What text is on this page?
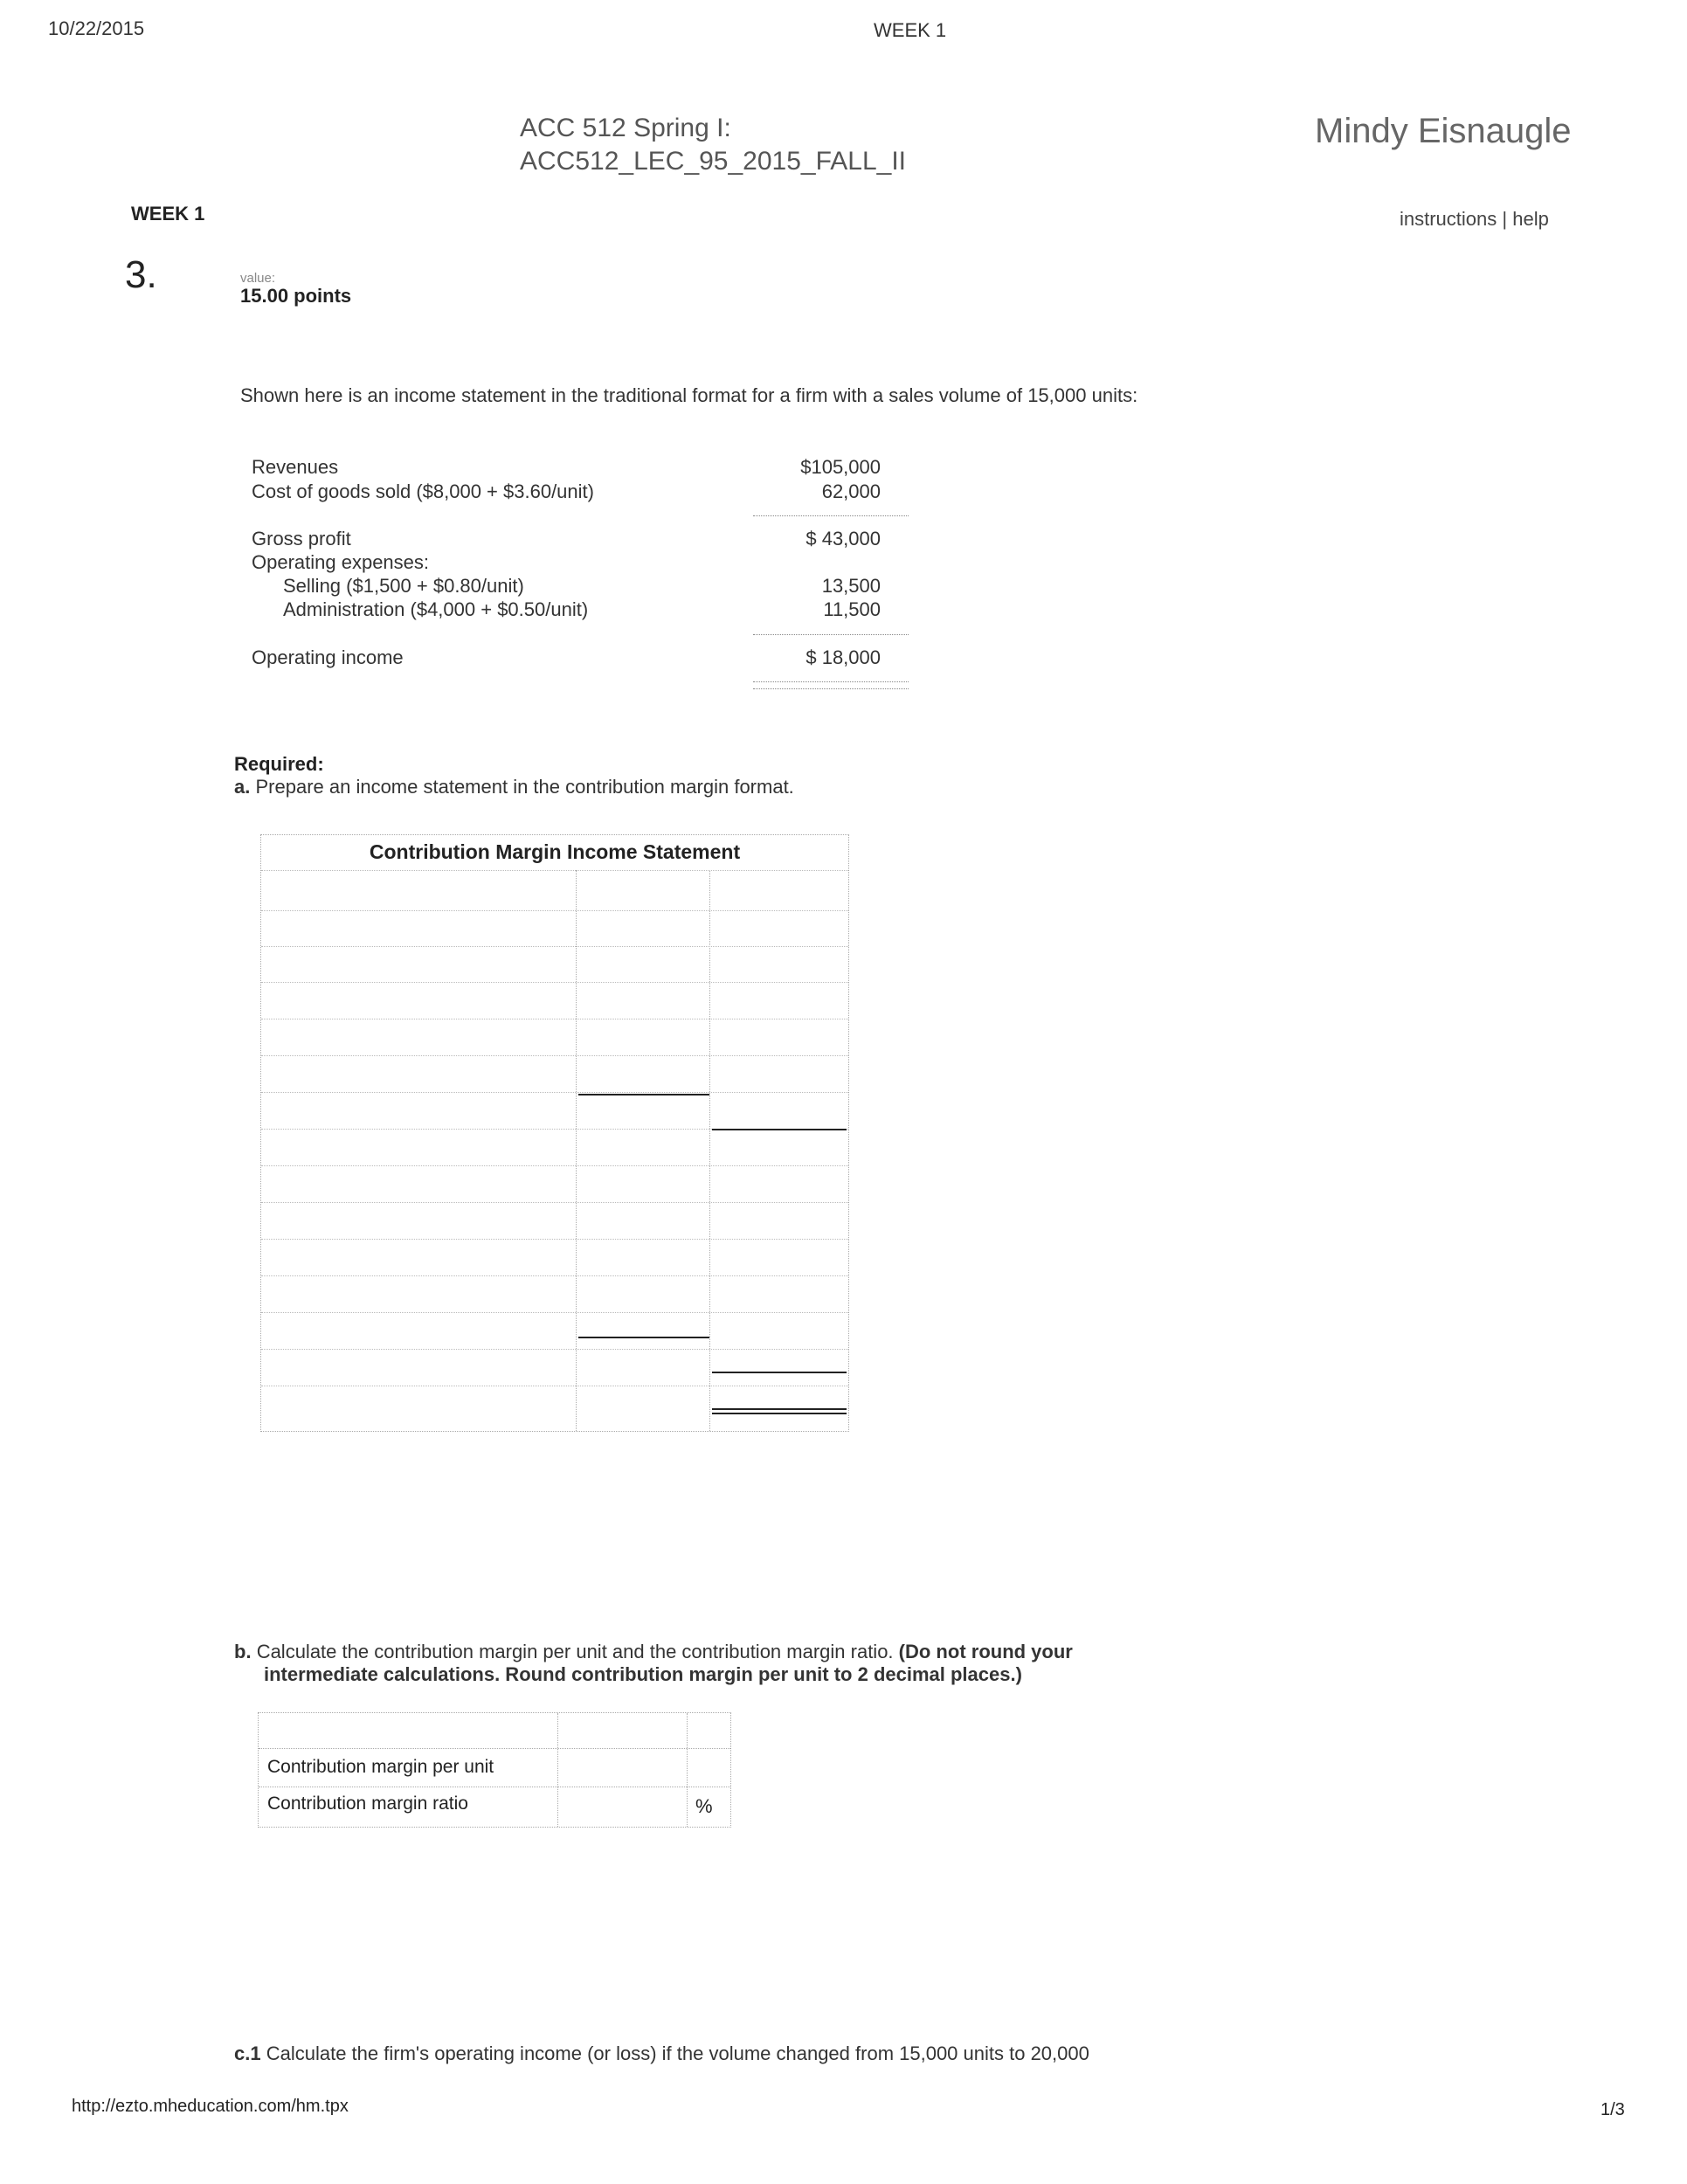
10/22/2015	WEEK 1
ACC 512 Spring I:
ACC512_LEC_95_2015_FALL_II
Mindy Eisnaugle
WEEK 1	instructions | help
3.	value:
15.00 points
Shown here is an income statement in the traditional format for a firm with a sales volume of 15,000 units:
Revenues	$105,000
Cost of goods sold ($8,000 + $3.60/unit)	62,000
Gross profit	$ 43,000
Operating expenses:
Selling ($1,500 + $0.80/unit)	13,500
Administration ($4,000 + $0.50/unit)	11,500
Operating income	$ 18,000
Required:
a. Prepare an income statement in the contribution margin format.
Contribution Margin Income Statement
b. Calculate the contribution margin per unit and the contribution margin ratio. (Do not round your
intermediate calculations. Round contribution margin per unit to 2 decimal places.)
Contribution margin per unit
Contribution margin ratio	%
c.1 Calculate the firm's operating income (or loss) if the volume changed from 15,000 units to 20,000
http://ezto.mheducation.com/hm.tpx	1/3
